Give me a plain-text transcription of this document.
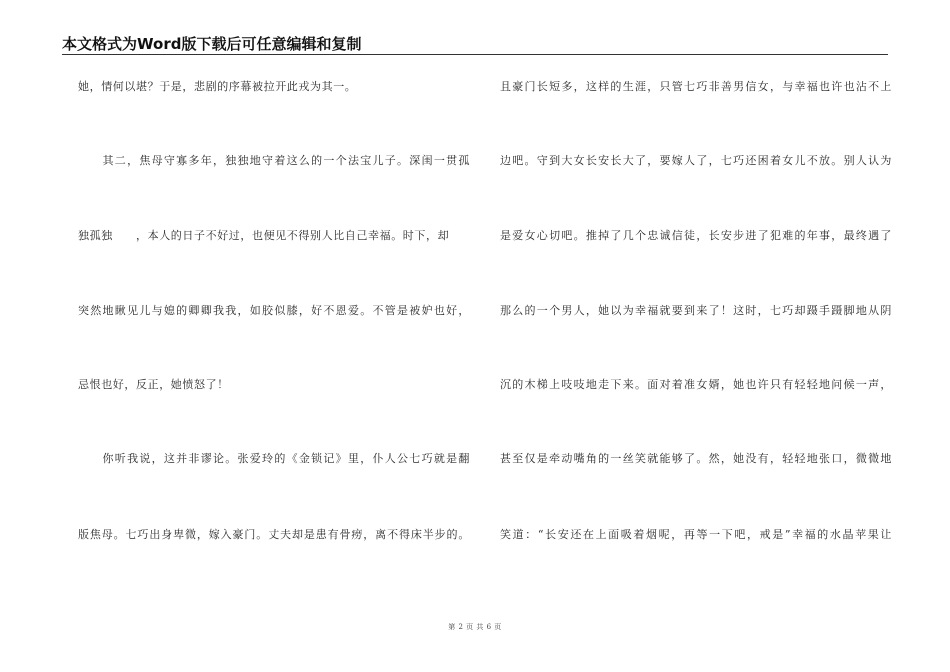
本文格式为Word版下载后可任意编辑和复制
她，情何以堪？于是，悲剧的序幕被拉开此戎为其一。
　　其二，焦母守寡多年，独独地守着这么的一个法宝儿子。深闺一贯孤
独孤独　　，本人的日子不好过，也便见不得别人比自己幸福。时下，却
突然地瞅见儿与媳的卿卿我我，如胶似膝，好不恩爱。不管是被妒也好，
忌恨也好，反正，她愤怒了！
　　你听我说，这并非谬论。张爱玲的《金锁记》里，仆人公七巧就是翻
版焦母。七巧出身卑微，嫁入豪门。丈夫却是患有骨痨，离不得床半步的。
且豪门长短多，这样的生涯，只管七巧非善男信女，与幸福也许也沾不上
边吧。守到大女长安长大了，要嫁人了，七巧还困着女儿不放。别人认为
是爱女心切吧。推掉了几个忠诚信徒，长安步进了犯难的年事，最终遇了
那么的一个男人，她以为幸福就要到来了！这时，七巧却蹑手蹑脚地从阴
沉的木梯上吱吱地走下来。面对着准女婿，她也许只有轻轻地问候一声，
甚至仅是牵动嘴角的一丝笑就能够了。然，她没有，轻轻地张口，微微地
笑道：“长安还在上面吸着烟呢，再等一下吧，戒是”幸福的水晶苹果让
第 2 页 共 6 页
